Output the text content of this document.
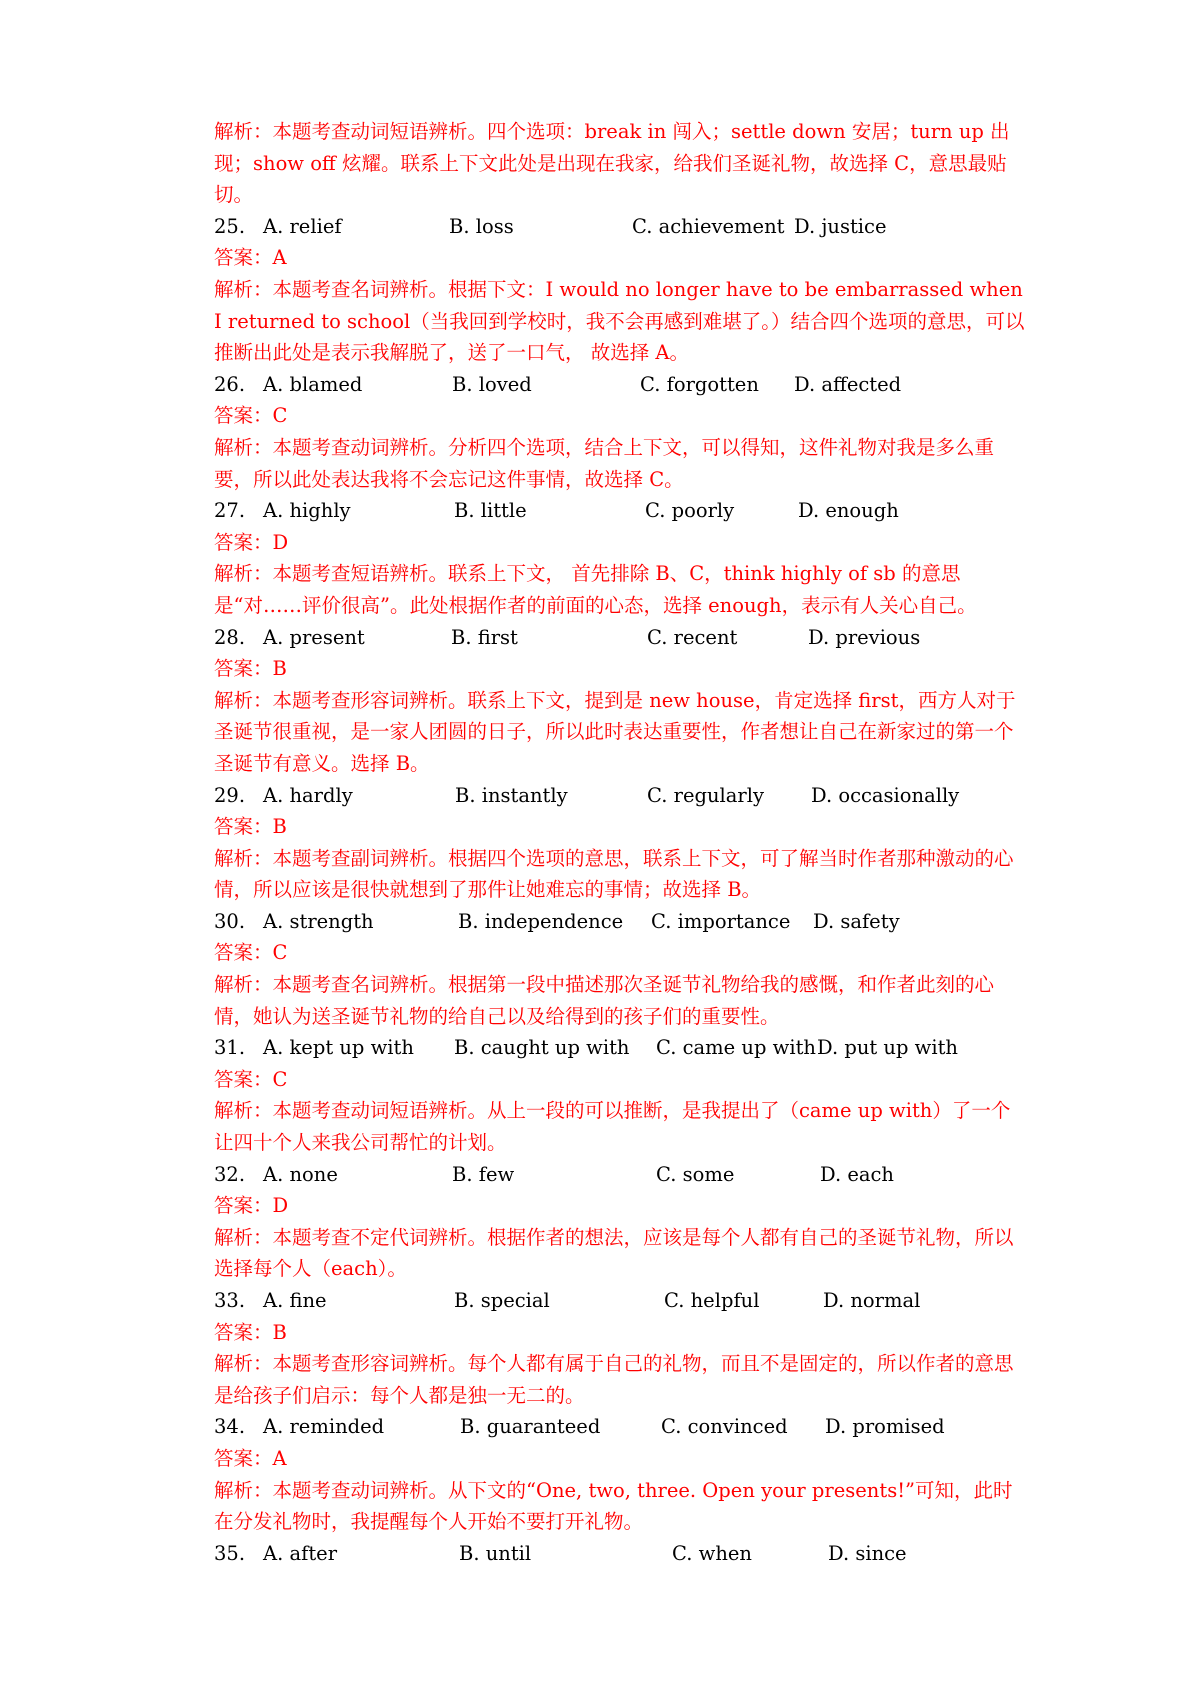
解析：本题考查动词短语辨析。四个选项：break in 闯入；settle down 安居；turn up 出现；show off 炫耀。联系上下文此处是出现在我家，给我们圣诞礼物，故选择 C，意思最贴切。
25. A. relief	B. loss	C. achievement D. justice
答案：A
解析：本题考查名词辨析。根据下文：I would no longer have to be embarrassed when I returned to school（当我回到学校时，我不会再感到难堪了。）结合四个选项的意思，可以推断出此处是表示我解脱了，送了一口气， 故选择 A。
26. A. blamed	B. loved	C. forgotten D. affected
答案：C
解析：本题考查动词辨析。分析四个选项，结合上下文，可以得知，这件礼物对我是多么重要，所以此处表达我将不会忘记这件事情，故选择 C。
27. A. highly	B. little	C. poorly	D. enough
答案：D
解析：本题考查短语辨析。联系上下文， 首先排除 B、C，think highly of sb 的意思是“对……评价很高”。此处根据作者的前面的心态，选择 enough，表示有人关心自己。
28. A. present	B. first	C. recent	D. previous
答案：B
解析：本题考查形容词辨析。联系上下文，提到是 new house，肯定选择 first，西方人对于圣诞节很重视，是一家人团圆的日子，所以此时表达重要性，作者想让自己在新家过的第一个圣诞节有意义。选择 B。
29. A. hardly	B. instantly	C. regularly D. occasionally
答案：B
解析：本题考查副词辨析。根据四个选项的意思，联系上下文，可了解当时作者那种激动的心情，所以应该是很快就想到了那件让她难忘的事情；故选择 B。
30. A. strength	B. independence C. importance D. safety
答案：C
解析：本题考查名词辨析。根据第一段中描述那次圣诞节礼物给我的感慨，和作者此刻的心情，她认为送圣诞节礼物的给自己以及给得到的孩子们的重要性。
31. A. kept up with B. caught up with C. came up with D. put up with
答案：C
解析：本题考查动词短语辨析。从上一段的可以推断，是我提出了（came up with）了一个让四十个人来我公司帮忙的计划。
32. A. none	B. few	C. some	D. each
答案：D
解析：本题考查不定代词辨析。根据作者的想法，应该是每个人都有自己的圣诞节礼物，所以选择每个人（each）。
33. A. fine	B. special	C. helpful	D. normal
答案：B
解析：本题考查形容词辨析。每个人都有属于自己的礼物，而且不是固定的，所以作者的意思是给孩子们启示：每个人都是独一无二的。
34. A. reminded	B. guaranteed	C. convinced D. promised
答案：A
解析：本题考查动词辨析。从下文的“One, two, three. Open your presents!”可知，此时在分发礼物时，我提醒每个人开始不要打开礼物。
35. A. after	B. until	C. when	D. since
